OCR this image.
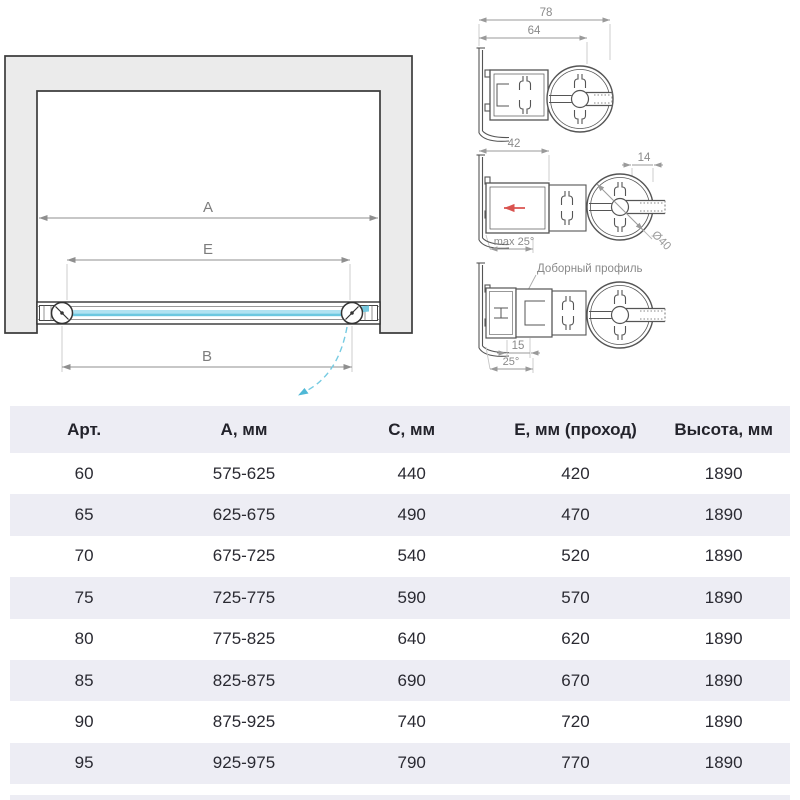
A
E
B
78
64
42
14
max 25°	Ø40
Доборный профиль
15
25°
Арт.	А, мм	С, мм	Е, мм (проход)	Высота, мм
60	575-625	440	420	1890
65	625-675	490	470	1890
70	675-725	540	520	1890
75	725-775	590	570	1890
80	775-825	640	620	1890
85	825-875	690	670	1890
90	875-925	740	720	1890
95	925-975	790	770	1890
